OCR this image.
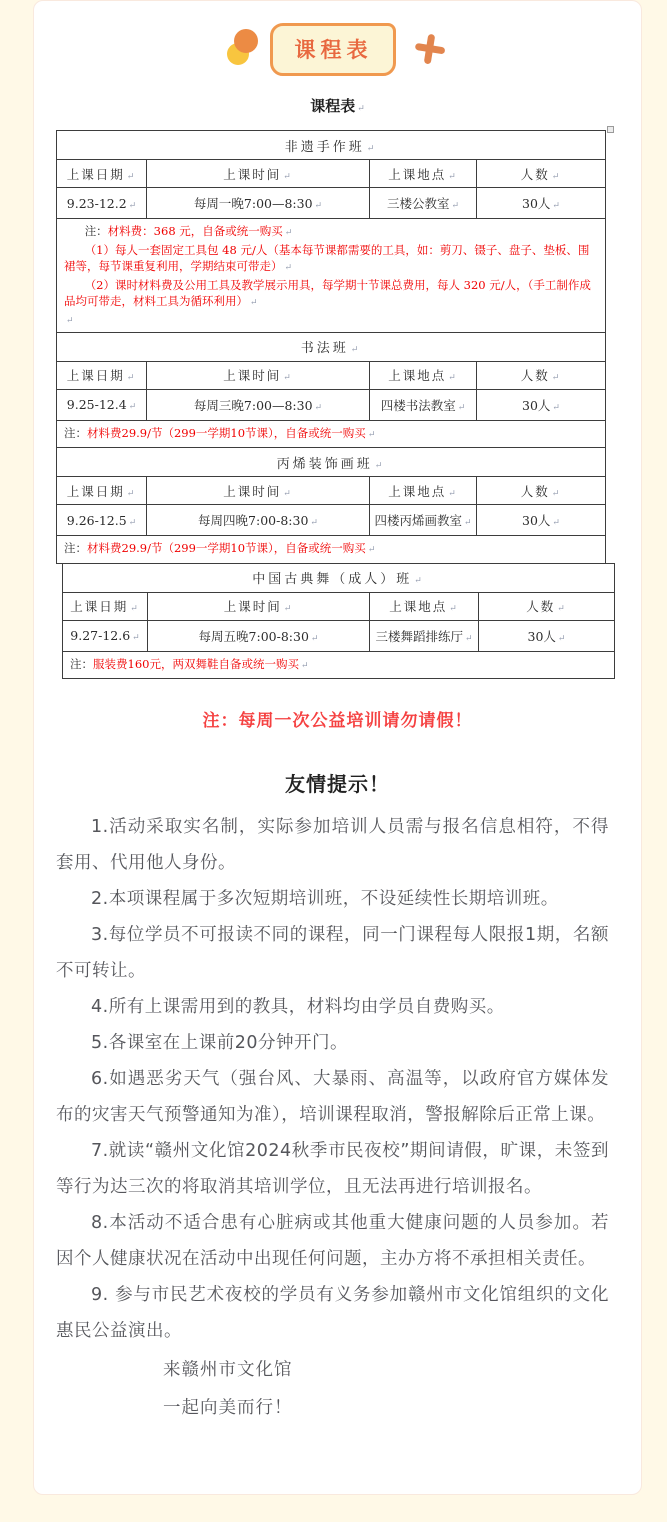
课程表
课程表 ↵
非遗手作班 ↵
上课日期 ↵	上课时间 ↵	上课地点 ↵	人数 ↵
9.23-12.2 ↵	每周一晚7:00—8:30 ↵	三楼公教室 ↵	30人 ↵

注：材料费：368 元，自备或统一购买 ↵
（1）每人一套固定工具包 48 元/人（基本每节课都需要的工具，如：剪刀、镊子、盘子、垫板、围裙等，每节课重复利用，学期结束可带走） ↵
（2）课时材料费及公用工具及教学展示用具，每学期十节课总费用，每人 320 元/人，（手工制作成品均可带走，材料工具为循环利用） ↵
↵
书法班 ↵
上课日期 ↵	上课时间 ↵	上课地点 ↵	人数 ↵
9.25-12.4 ↵	每周三晚7:00—8:30 ↵	四楼书法教室 ↵	30人 ↵

注：材料费29.9/节（299一学期10节课），自备或统一购买 ↵
丙烯装饰画班 ↵
上课日期 ↵	上课时间 ↵	上课地点 ↵	人数 ↵
9.26-12.5 ↵	每周四晚7:00-8:30 ↵	四楼丙烯画教室 ↵	30人 ↵

注：材料费29.9/节（299一学期10节课），自备或统一购买 ↵
中国古典舞（成人）班 ↵
上课日期 ↵	上课时间 ↵	上课地点 ↵	人数 ↵
9.27-12.6 ↵	每周五晚7:00-8:30 ↵	三楼舞蹈排练厅 ↵	30人 ↵

注：服装费160元，两双舞鞋自备或统一购买 ↵
注：每周一次公益培训请勿请假！
友情提示！

1.活动采取实名制，实际参加培训人员需与报名信息相符，不得套用、代用他人身份。

2.本项课程属于多次短期培训班，不设延续性长期培训班。

3.每位学员不可报读不同的课程，同一门课程每人限报1期，名额不可转让。

4.所有上课需用到的教具，材料均由学员自费购买。

5.各课室在上课前20分钟开门。

6.如遇恶劣天气（强台风、大暴雨、高温等，以政府官方媒体发布的灾害天气预警通知为准），培训课程取消，警报解除后正常上课。

7.就读“赣州文化馆2024秋季市民夜校”期间请假，旷课，未签到等行为达三次的将取消其培训学位，且无法再进行培训报名。

8.本活动不适合患有心脏病或其他重大健康问题的人员参加。若因个人健康状况在活动中出现任何问题，主办方将不承担相关责任。

9. 参与市民艺术夜校的学员有义务参加赣州市文化馆组织的文化惠民公益演出。

来赣州市文化馆

一起向美而行！
